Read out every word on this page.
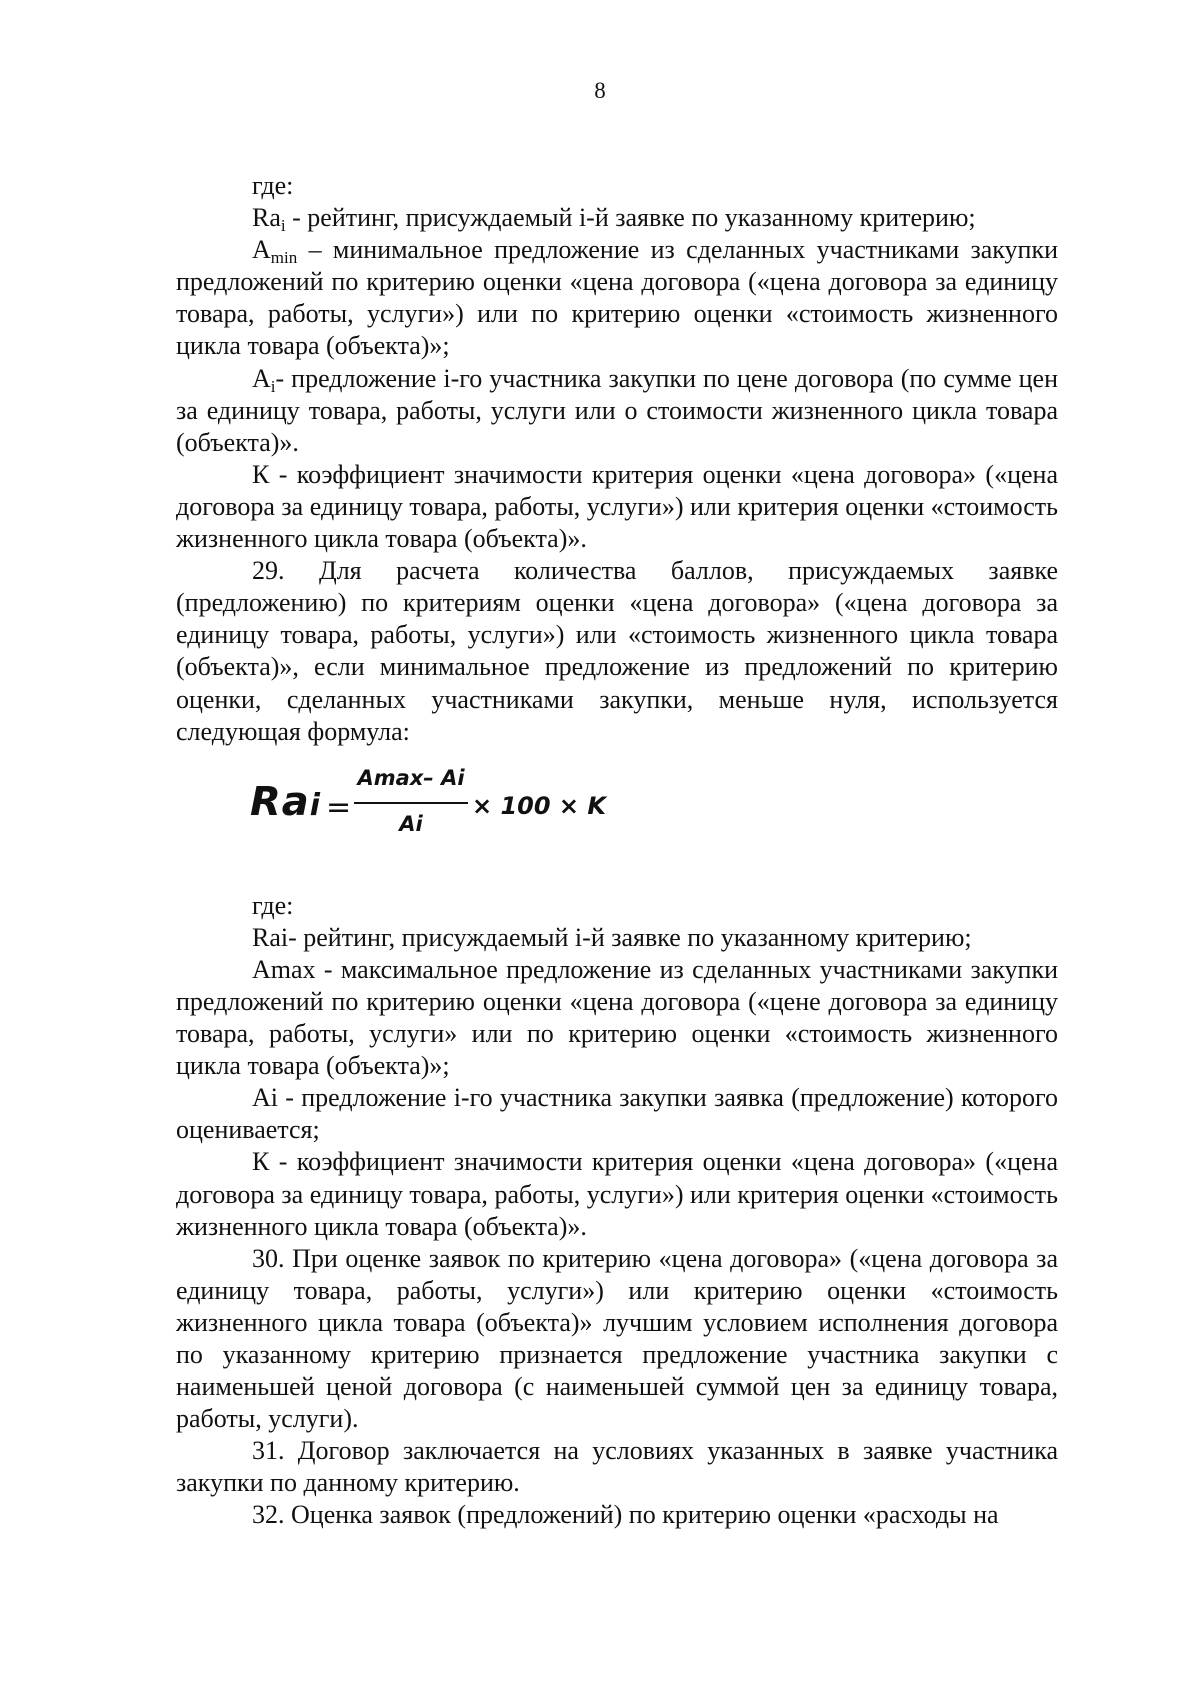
8

где:

$Ra_i$ - рейтинг, присуждаемый i-й заявке по указанному критерию;

$A_{min}$ – минимальное предложение из сделанных участниками закупки предложений по критерию оценки «цена договора («цена договора за единицу товара, работы, услуги») или по критерию оценки «стоимость жизненного цикла товара (объекта)»;

$A_i-$ предложение i-го участника закупки по цене договора (по сумме цен за единицу товара, работы, услуги или о стоимости жизненного цикла товара (объекта)».

К - коэффициент значимости критерия оценки «цена договора» («цена договора за единицу товара, работы, услуги») или критерия оценки «стоимость жизненного цикла товара (объекта)».

29. Для расчета количества баллов, присуждаемых заявке (предложению) по критериям оценки «цена договора» («цена договора за единицу товара, работы, услуги») или «стоимость жизненного цикла товара (объекта)», если минимальное предложение из предложений по критерию оценки, сделанных участниками закупки, меньше нуля, используется следующая формула:

Rai =
Amax– Ai
Ai
× 100 × K

где:

Rai- рейтинг, присуждаемый i-й заявке по указанному критерию;

Amax - максимальное предложение из сделанных участниками закупки предложений по критерию оценки «цена договора («цене договора за единицу товара, работы, услуги» или по критерию оценки «стоимость жизненного цикла товара (объекта)»;

Ai - предложение i-го участника закупки заявка (предложение) которого оценивается;

К - коэффициент значимости критерия оценки «цена договора» («цена договора за единицу товара, работы, услуги») или критерия оценки «стоимость жизненного цикла товара (объекта)».

30. При оценке заявок по критерию «цена договора» («цена договора за единицу товара, работы, услуги») или критерию оценки «стоимость жизненного цикла товара (объекта)» лучшим условием исполнения договора по указанному критерию признается предложение участника закупки с наименьшей ценой договора (с наименьшей суммой цен за единицу товара, работы, услуги).

31. Договор заключается на условиях указанных в заявке участника закупки по данному критерию.

32. Оценка заявок (предложений) по критерию оценки «расходы на
